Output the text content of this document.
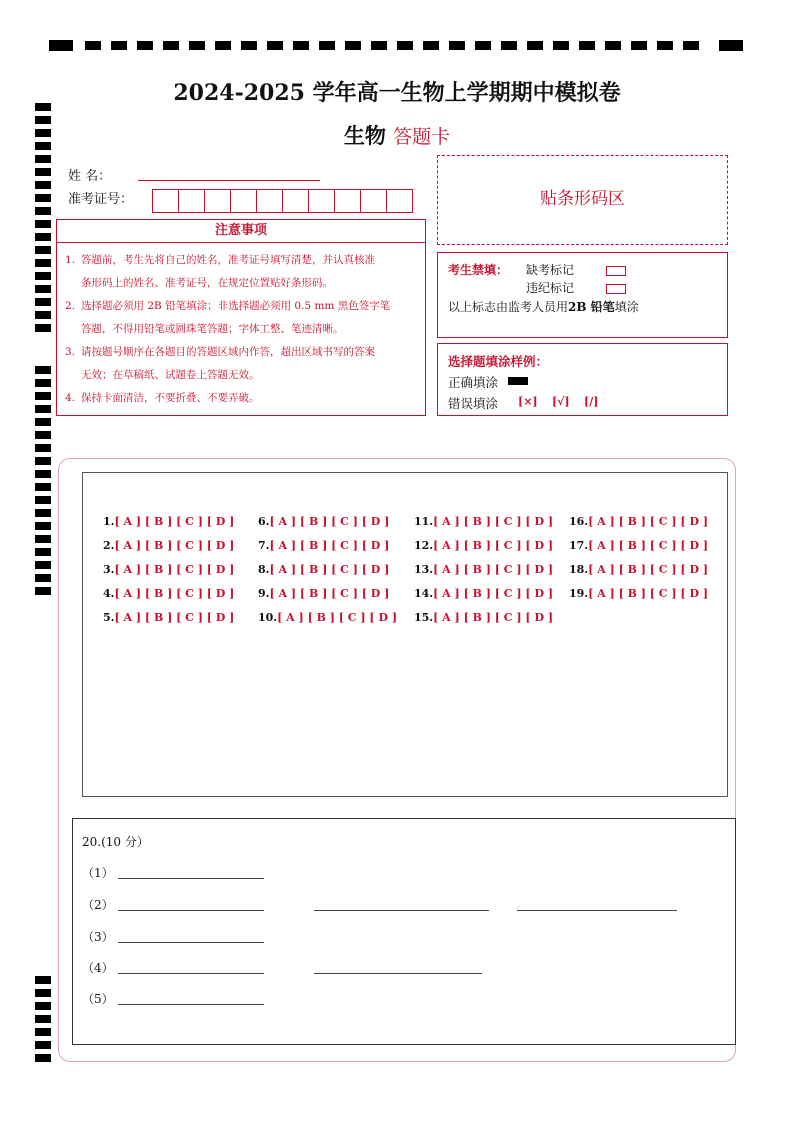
2024-2025 学年高一生物上学期期中模拟卷
生物 答题卡
姓 名：
准考证号：
注意事项
1. 答题前，考生先将自己的姓名，准考证号填写清楚，并认真核准
条形码上的姓名、准考证号，在规定位置贴好条形码。
2. 选择题必须用 2B 铅笔填涂；非选择题必须用 0.5 mm 黑色签字笔
答题，不得用铅笔或圆珠笔答题；字体工整、笔迹清晰。
3. 请按题号顺序在各题目的答题区域内作答，超出区域书写的答案
无效；在草稿纸、试题卷上答题无效。
4. 保持卡面清洁，不要折叠、不要弄破。
贴条形码区
考生禁填： 缺考标记
违纪标记
以上标志由监考人员用2B 铅笔填涂
选择题填涂样例：
正确填涂
错误填涂 [×] [√] [/]
1.[ A ] [ B ] [ C ] [ D ]
2.[ A ] [ B ] [ C ] [ D ]
3.[ A ] [ B ] [ C ] [ D ]
4.[ A ] [ B ] [ C ] [ D ]
5.[ A ] [ B ] [ C ] [ D ]
6.[ A ] [ B ] [ C ] [ D ]
7.[ A ] [ B ] [ C ] [ D ]
8.[ A ] [ B ] [ C ] [ D ]
9.[ A ] [ B ] [ C ] [ D ]
10.[ A ] [ B ] [ C ] [ D ]
11.[ A ] [ B ] [ C ] [ D ]
12.[ A ] [ B ] [ C ] [ D ]
13.[ A ] [ B ] [ C ] [ D ]
14.[ A ] [ B ] [ C ] [ D ]
15.[ A ] [ B ] [ C ] [ D ]
16.[ A ] [ B ] [ C ] [ D ]
17.[ A ] [ B ] [ C ] [ D ]
18.[ A ] [ B ] [ C ] [ D ]
19.[ A ] [ B ] [ C ] [ D ]
20.(10 分）
（1）
（2）
（3）
（4）
（5）
